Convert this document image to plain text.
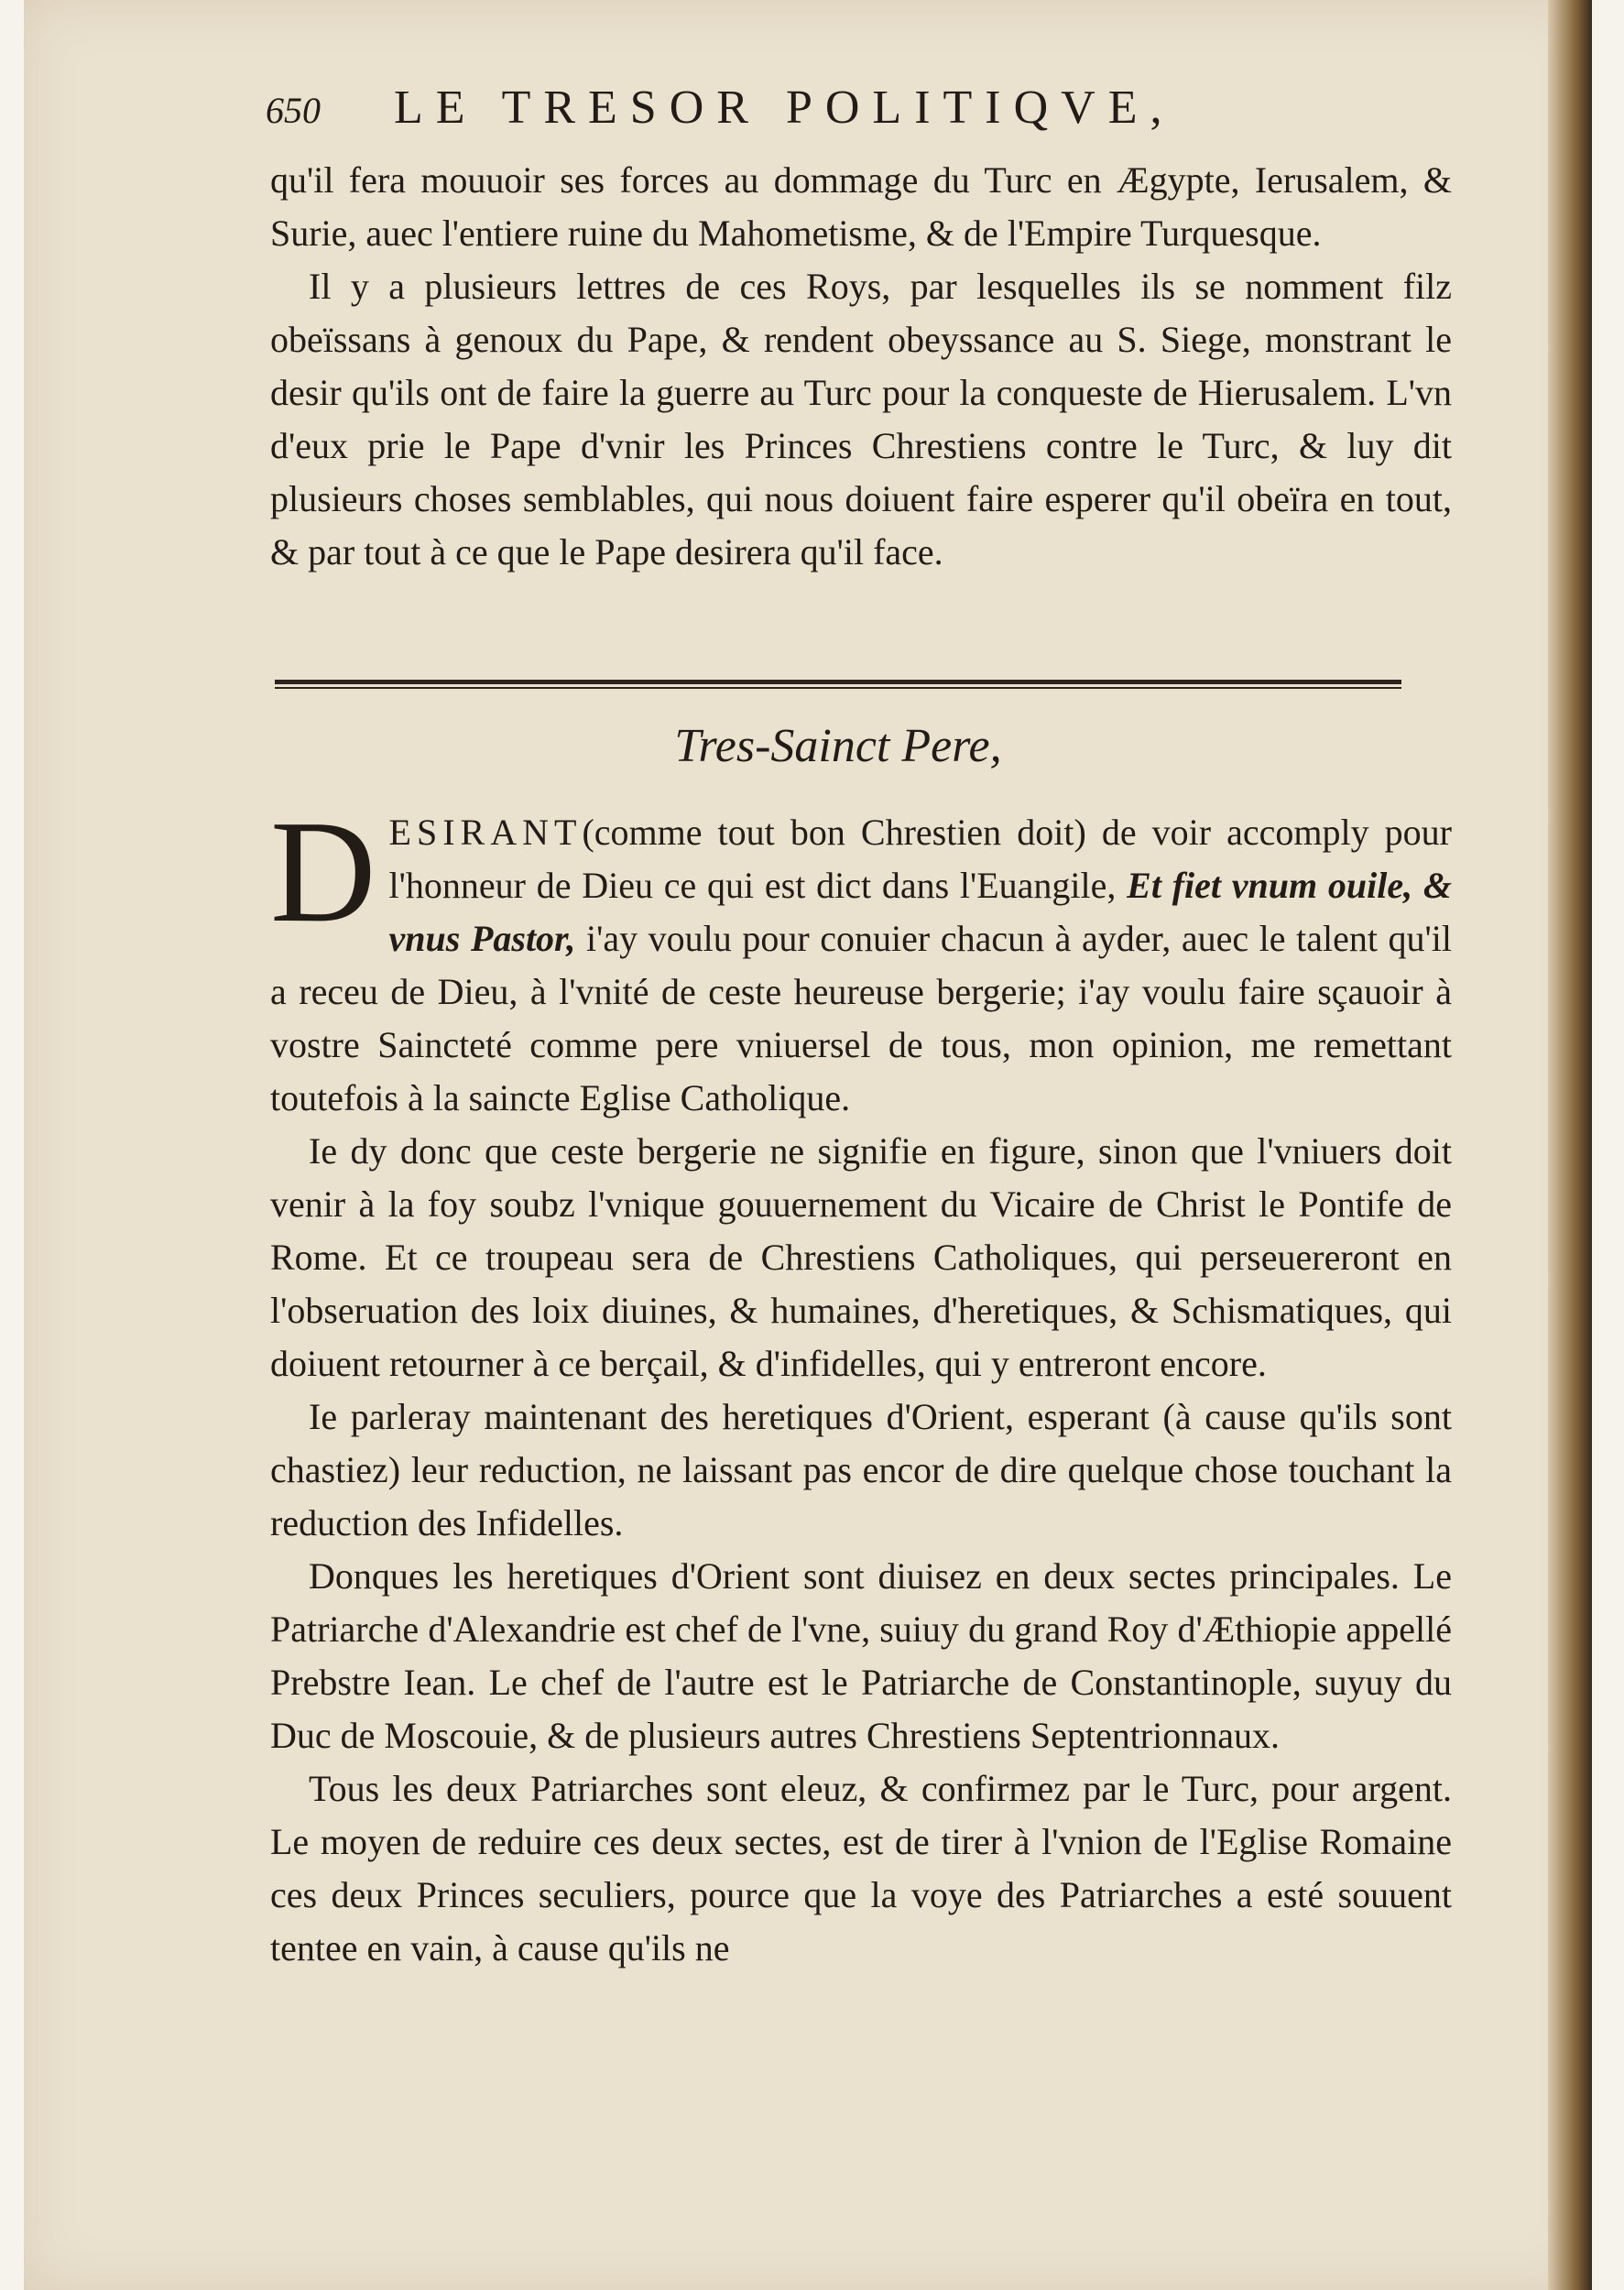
650	LE TRESOR POLITIQVE,

qu'il fera mouuoir ses forces au dommage du Turc en Ægypte, Ierusalem, & Surie, auec l'entiere ruine du Mahometisme, & de l'Empire Turquesque.

Il y a plusieurs lettres de ces Roys, par lesquelles ils se nomment filz obeïssans à genoux du Pape, & rendent obeyssance au S. Siege, monstrant le desir qu'ils ont de faire la guerre au Turc pour la conqueste de Hierusalem. L'vn d'eux prie le Pape d'vnir les Princes Chrestiens contre le Turc, & luy dit plusieurs choses semblables, qui nous doiuent faire esperer qu'il obeïra en tout, & par tout à ce que le Pape desirera qu'il face.

Tres-Sainct Pere,

DESIRANT(comme tout bon Chrestien doit) de voir accomply pour l'honneur de Dieu ce qui est dict dans l'Euangile, Et fiet vnum ouile, & vnus Pastor, i'ay voulu pour conuier chacun à ayder, auec le talent qu'il a receu de Dieu, à l'vnité de ceste heureuse bergerie; i'ay voulu faire sçauoir à vostre Saincteté comme pere vniuersel de tous, mon opinion, me remettant toutefois à la saincte Eglise Catholique.

Ie dy donc que ceste bergerie ne signifie en figure, sinon que l'vniuers doit venir à la foy soubz l'vnique gouuernement du Vicaire de Christ le Pontife de Rome. Et ce troupeau sera de Chrestiens Catholiques, qui perseuereront en l'obseruation des loix diuines, & humaines, d'heretiques, & Schismatiques, qui doiuent retourner à ce berçail, & d'infidelles, qui y entreront encore.

Ie parleray maintenant des heretiques d'Orient, esperant (à cause qu'ils sont chastiez) leur reduction, ne laissant pas encor de dire quelque chose touchant la reduction des Infidelles.

Donques les heretiques d'Orient sont diuisez en deux sectes principales. Le Patriarche d'Alexandrie est chef de l'vne, suiuy du grand Roy d'Æthiopie appellé Prebstre Iean. Le chef de l'autre est le Patriarche de Constantinople, suyuy du Duc de Moscouie, & de plusieurs autres Chrestiens Septentrionnaux.

Tous les deux Patriarches sont eleuz, & confirmez par le Turc, pour argent. Le moyen de reduire ces deux sectes, est de tirer à l'vnion de l'Eglise Romaine ces deux Princes seculiers, pource que la voye des Patriarches a esté souuent tentee en vain, à cause qu'ils ne
